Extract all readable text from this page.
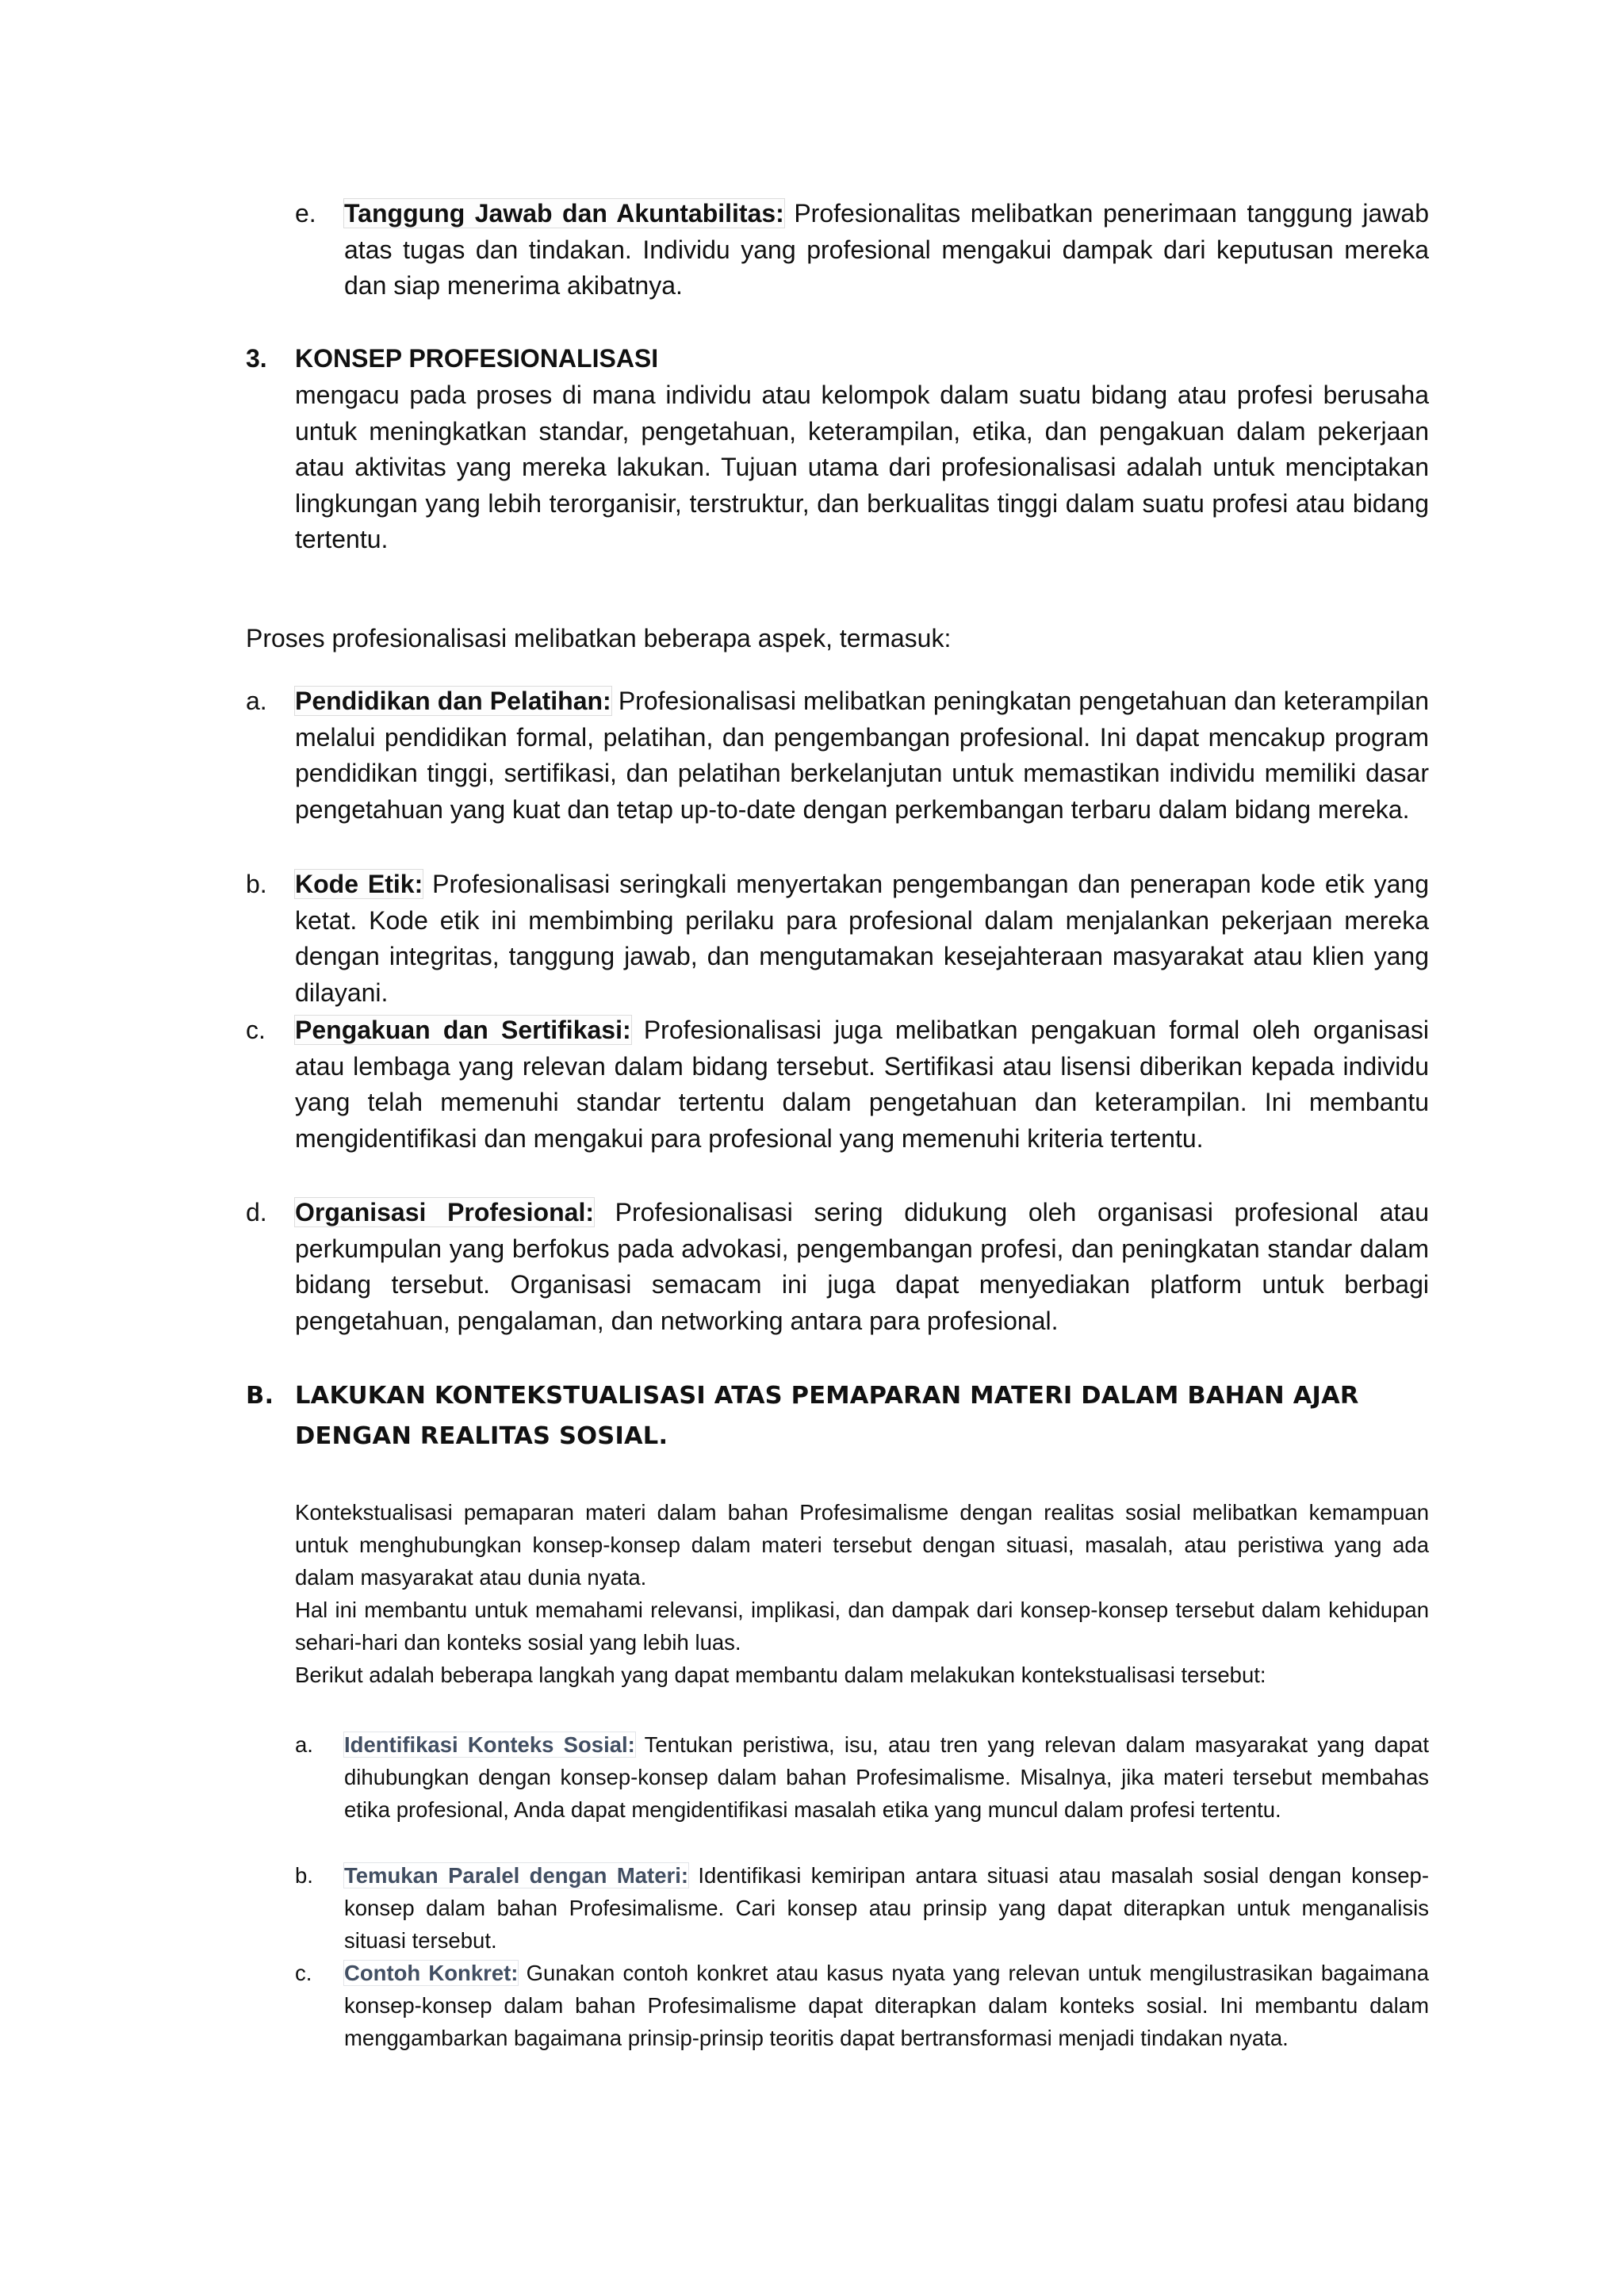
e. Tanggung Jawab dan Akuntabilitas: Profesionalitas melibatkan penerimaan tanggung jawab atas tugas dan tindakan. Individu yang profesional mengakui dampak dari keputusan mereka dan siap menerima akibatnya.

3. KONSEP PROFESIONALISASI

mengacu pada proses di mana individu atau kelompok dalam suatu bidang atau profesi berusaha untuk meningkatkan standar, pengetahuan, keterampilan, etika, dan pengakuan dalam pekerjaan atau aktivitas yang mereka lakukan. Tujuan utama dari profesionalisasi adalah untuk menciptakan lingkungan yang lebih terorganisir, terstruktur, dan berkualitas tinggi dalam suatu profesi atau bidang tertentu.

Proses profesionalisasi melibatkan beberapa aspek, termasuk:

a. Pendidikan dan Pelatihan: Profesionalisasi melibatkan peningkatan pengetahuan dan keterampilan melalui pendidikan formal, pelatihan, dan pengembangan profesional. Ini dapat mencakup program pendidikan tinggi, sertifikasi, dan pelatihan berkelanjutan untuk memastikan individu memiliki dasar pengetahuan yang kuat dan tetap up-to-date dengan perkembangan terbaru dalam bidang mereka.

b. Kode Etik: Profesionalisasi seringkali menyertakan pengembangan dan penerapan kode etik yang ketat. Kode etik ini membimbing perilaku para profesional dalam menjalankan pekerjaan mereka dengan integritas, tanggung jawab, dan mengutamakan kesejahteraan masyarakat atau klien yang dilayani.

c. Pengakuan dan Sertifikasi: Profesionalisasi juga melibatkan pengakuan formal oleh organisasi atau lembaga yang relevan dalam bidang tersebut. Sertifikasi atau lisensi diberikan kepada individu yang telah memenuhi standar tertentu dalam pengetahuan dan keterampilan. Ini membantu mengidentifikasi dan mengakui para profesional yang memenuhi kriteria tertentu.

d. Organisasi Profesional: Profesionalisasi sering didukung oleh organisasi profesional atau perkumpulan yang berfokus pada advokasi, pengembangan profesi, dan peningkatan standar dalam bidang tersebut. Organisasi semacam ini juga dapat menyediakan platform untuk berbagi pengetahuan, pengalaman, dan networking antara para profesional.

B. LAKUKAN KONTEKSTUALISASI ATAS PEMAPARAN MATERI DALAM BAHAN AJAR DENGAN REALITAS SOSIAL.

Kontekstualisasi pemaparan materi dalam bahan Profesimalisme dengan realitas sosial melibatkan kemampuan untuk menghubungkan konsep-konsep dalam materi tersebut dengan situasi, masalah, atau peristiwa yang ada dalam masyarakat atau dunia nyata.

Hal ini membantu untuk memahami relevansi, implikasi, dan dampak dari konsep-konsep tersebut dalam kehidupan sehari-hari dan konteks sosial yang lebih luas.

Berikut adalah beberapa langkah yang dapat membantu dalam melakukan kontekstualisasi tersebut:

a. Identifikasi Konteks Sosial: Tentukan peristiwa, isu, atau tren yang relevan dalam masyarakat yang dapat dihubungkan dengan konsep-konsep dalam bahan Profesimalisme. Misalnya, jika materi tersebut membahas etika profesional, Anda dapat mengidentifikasi masalah etika yang muncul dalam profesi tertentu.

b. Temukan Paralel dengan Materi: Identifikasi kemiripan antara situasi atau masalah sosial dengan konsep-konsep dalam bahan Profesimalisme. Cari konsep atau prinsip yang dapat diterapkan untuk menganalisis situasi tersebut.

c. Contoh Konkret: Gunakan contoh konkret atau kasus nyata yang relevan untuk mengilustrasikan bagaimana konsep-konsep dalam bahan Profesimalisme dapat diterapkan dalam konteks sosial. Ini membantu dalam menggambarkan bagaimana prinsip-prinsip teoritis dapat bertransformasi menjadi tindakan nyata.
